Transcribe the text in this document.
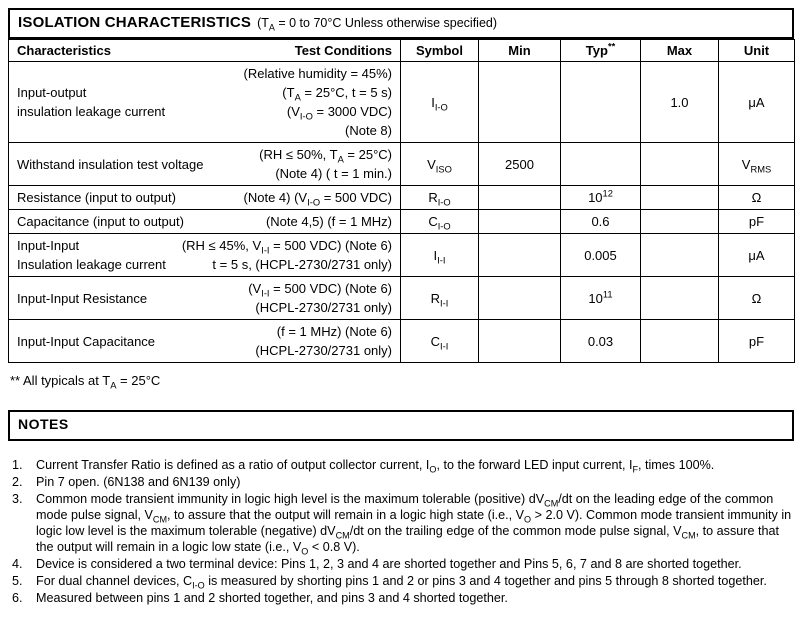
ISOLATION CHARACTERISTICS ($T_A = 0$ to 70°C Unless otherwise specified)
Characteristics Test Conditions	Symbol	Min	Typ**	Max	Unit

Input-output
insulation leakage current
(Relative humidity = 45%)
($T_A = 25^\circ C$, t = 5 s)
($V_{I-O} = 3000$ VDC)
(Note 8)
	$I_{I-O}$			1.0	μA

Withstand insulation test voltage
(RH ≤ 50%, $T_A = 25^\circ C$)
(Note 4) ( t = 1 min.)	$V_{ISO}$	2500			$V_{RMS}$

Resistance (input to output) (Note 4) ($V_{I-O} = 500$ VDC)	$R_{I-O}$		$10^{12}$		Ω

Capacitance (input to output) (Note 4,5) (f = 1 MHz)	$C_{I-O}$		0.6		pF

Input-Input
Insulation leakage current
(RH ≤ 45%, $V_{I-I} = 500$ VDC) (Note 6)
t = 5 s, (HCPL-2730/2731 only)	$I_{I-I}$		0.005		μA

Input-Input Resistance
($V_{I-I} = 500$ VDC) (Note 6)
(HCPL-2730/2731 only)	$R_{I-I}$		$10^{11}$		Ω

Input-Input Capacitance
(f = 1 MHz) (Note 6)
(HCPL-2730/2731 only)	$C_{I-I}$		0.03		pF
** All typicals at $T_A = 25^\circ C$
NOTES
1.	Current Transfer Ratio is defined as a ratio of output collector current, $I_O$, to the forward LED input current, $I_F$, times 100%.
2.	Pin 7 open. (6N138 and 6N139 only)
3.	Common mode transient immunity in logic high level is the maximum tolerable (positive) $dV_{CM}/dt$ on the leading edge of the common mode pulse signal, $V_{CM}$, to assure that the output will remain in a logic high state (i.e., $V_O > 2.0$ V). Common mode transient immunity in logic low level is the maximum tolerable (negative) $dV_{CM}/dt$ on the trailing edge of the common mode pulse signal, $V_{CM}$, to assure that the output will remain in a logic low state (i.e., $V_O < 0.8$ V).
4.	Device is considered a two terminal device: Pins 1, 2, 3 and 4 are shorted together and Pins 5, 6, 7 and 8 are shorted together.
5.	For dual channel devices, $C_{I-O}$ is measured by shorting pins 1 and 2 or pins 3 and 4 together and pins 5 through 8 shorted together.
6.	Measured between pins 1 and 2 shorted together, and pins 3 and 4 shorted together.
